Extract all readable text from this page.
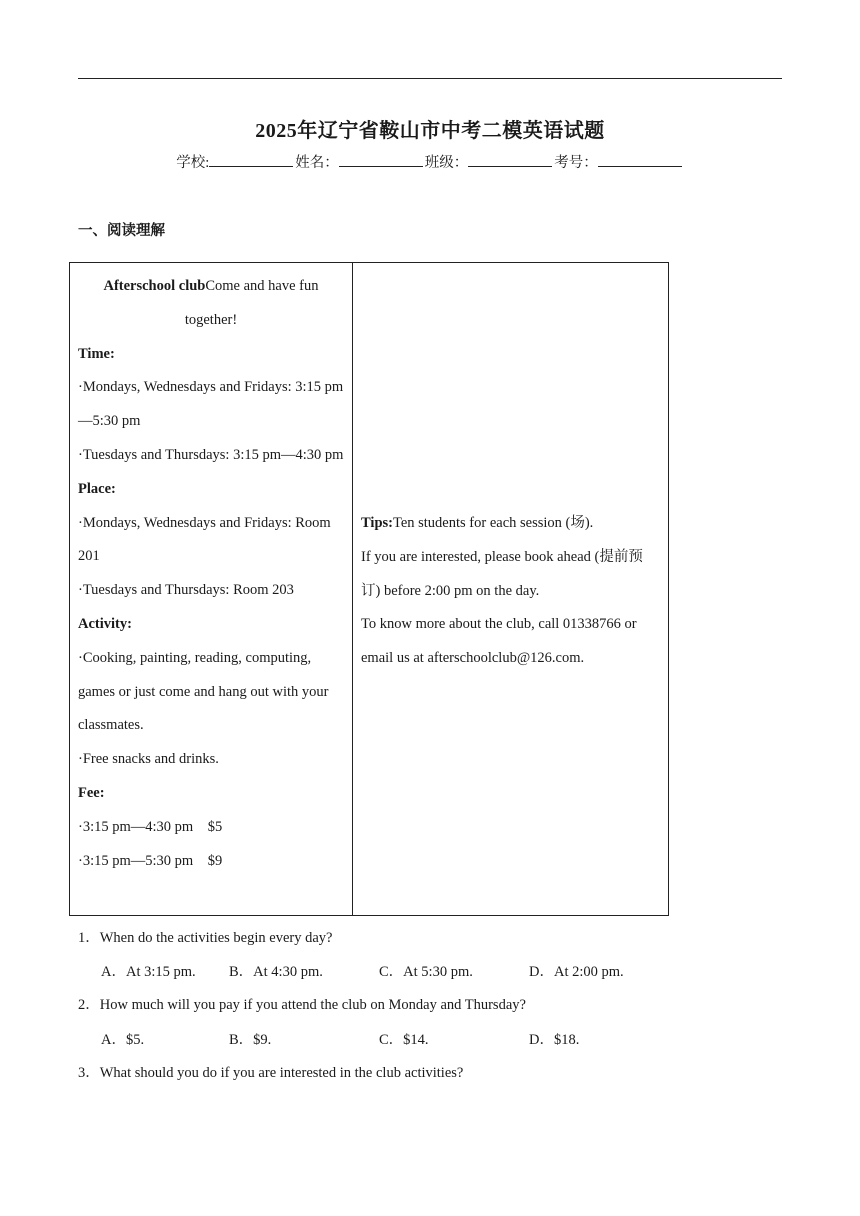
2025年辽宁省鞍山市中考二模英语试题
学校:	姓名：	班级：	考号：
一、阅读理解
Afterschool clubCome and have fun together!
Time:
·Mondays, Wednesdays and Fridays: 3:15 pm—5:30 pm
·Tuesdays and Thursdays: 3:15 pm—4:30 pm
Place:
·Mondays, Wednesdays and Fridays: Room 201
·Tuesdays and Thursdays: Room 203
Activity:
·Cooking, painting, reading, computing, games or just come and hang out with your classmates.
·Free snacks and drinks.
Fee:
·3:15 pm—4:30 pm　$5
·3:15 pm—5:30 pm　$9

Tips:Ten students for each session (场).
If you are interested, please book ahead (提前预订) before 2:00 pm on the day.
To know more about the club, call 01338766 or email us at afterschoolclub@126.com.
1．When do the activities begin every day?
A．At 3:15 pm. B．At 4:30 pm.	C．At 5:30 pm.	D．At 2:00 pm.
2．How much will you pay if you attend the club on Monday and Thursday?
A．$5.	B．$9.	C．$14.	D．$18.
3．What should you do if you are interested in the club activities?
